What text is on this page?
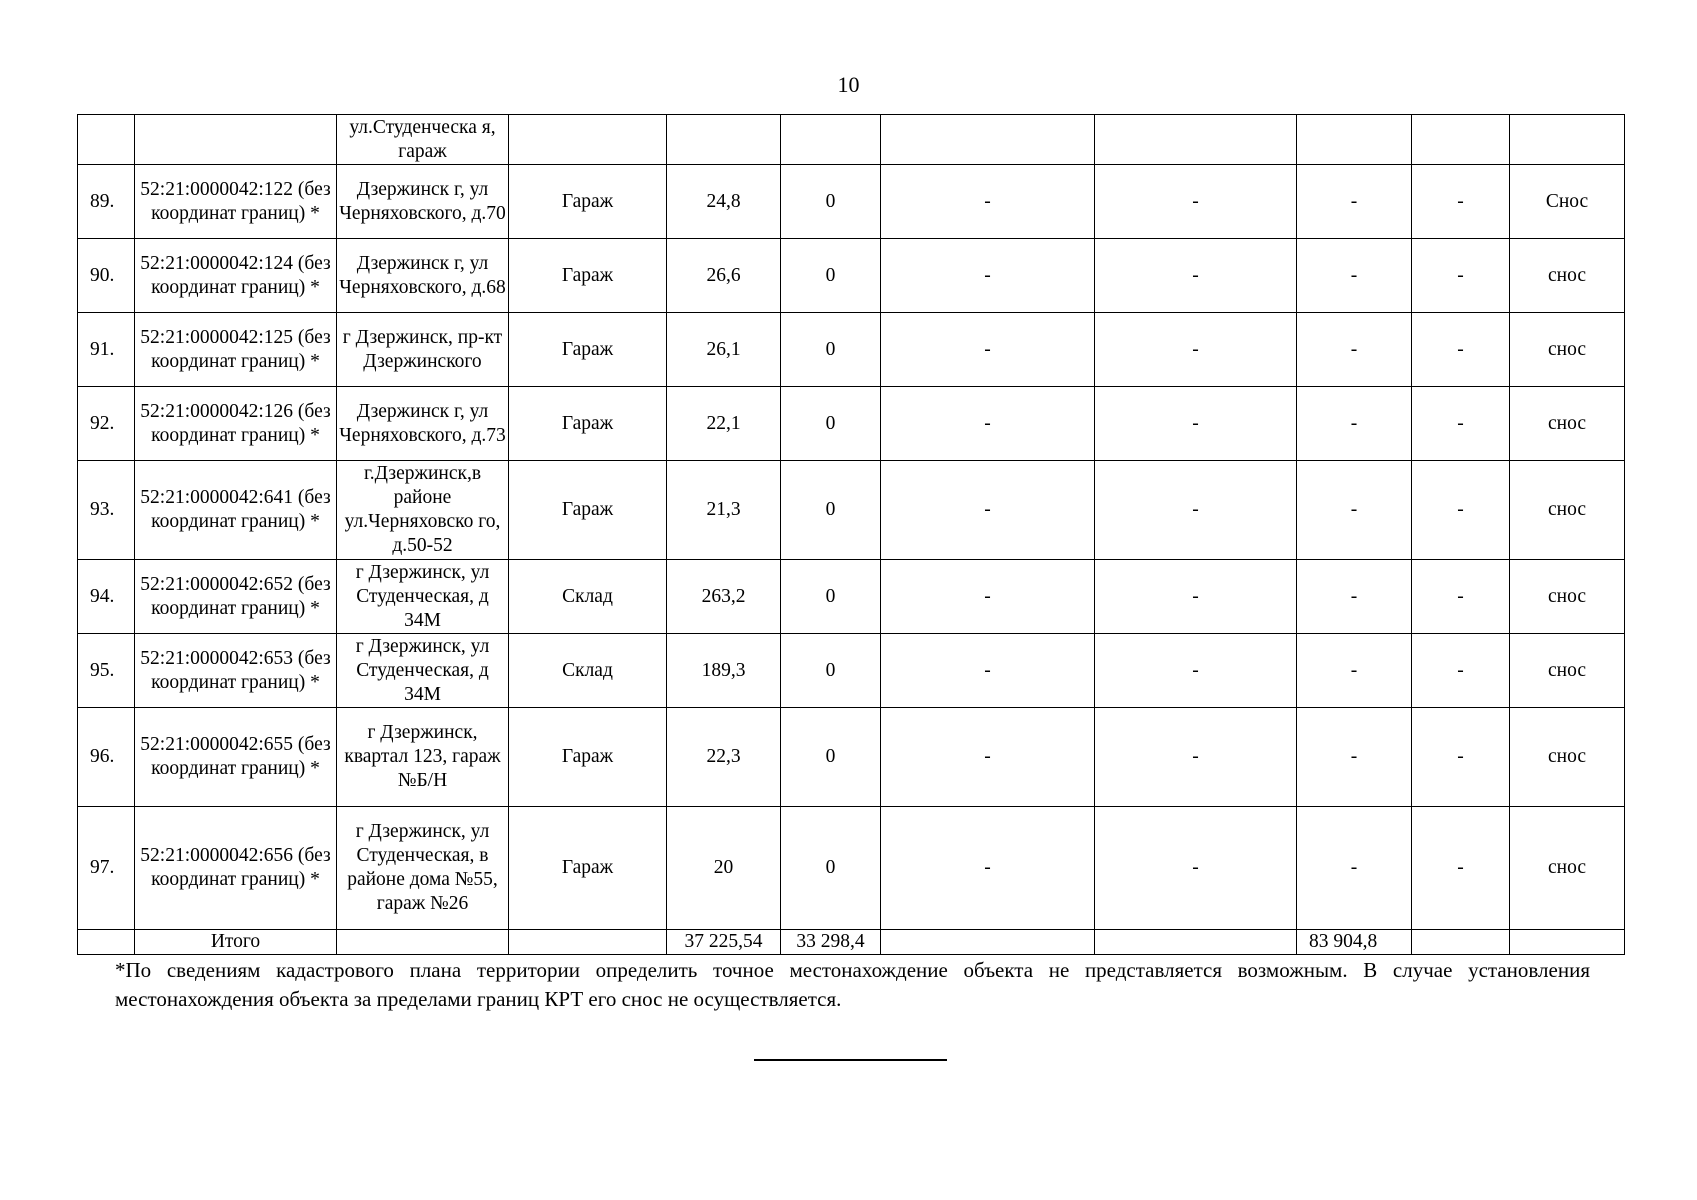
10
		ул.Студенческа я, гараж								
89.	52:21:0000042:122 (без координат границ) *	Дзержинск г, ул Черняховского, д.70	Гараж	24,8	0	-	-	-	-	Снос
90.	52:21:0000042:124 (без координат границ) *	Дзержинск г, ул Черняховского, д.68	Гараж	26,6	0	-	-	-	-	снос
91.	52:21:0000042:125 (без координат границ) *	г Дзержинск, пр-кт Дзержинского	Гараж	26,1	0	-	-	-	-	снос
92.	52:21:0000042:126 (без координат границ) *	Дзержинск г, ул Черняховского, д.73	Гараж	22,1	0	-	-	-	-	снос
93.	52:21:0000042:641 (без координат границ) *	г.Дзержинск,в районе ул.Черняховско го, д.50-52	Гараж	21,3	0	-	-	-	-	снос
94.	52:21:0000042:652 (без координат границ) *	г Дзержинск, ул Студенческая, д 34М	Склад	263,2	0	-	-	-	-	снос
95.	52:21:0000042:653 (без координат границ) *	г Дзержинск, ул Студенческая, д 34М	Склад	189,3	0	-	-	-	-	снос
96.	52:21:0000042:655 (без координат границ) *	г Дзержинск, квартал 123, гараж №Б/Н	Гараж	22,3	0	-	-	-	-	снос
97.	52:21:0000042:656 (без координат границ) *	г Дзержинск, ул Студенческая, в районе дома №55, гараж №26	Гараж	20	0	-	-	-	-	снос
	Итого			37 225,54	33 298,4			83 904,8		
*По сведениям кадастрового плана территории определить точное местонахождение объекта не представляется возможным. В случае установления местонахождения объекта за пределами границ КРТ его снос не осуществляется.
